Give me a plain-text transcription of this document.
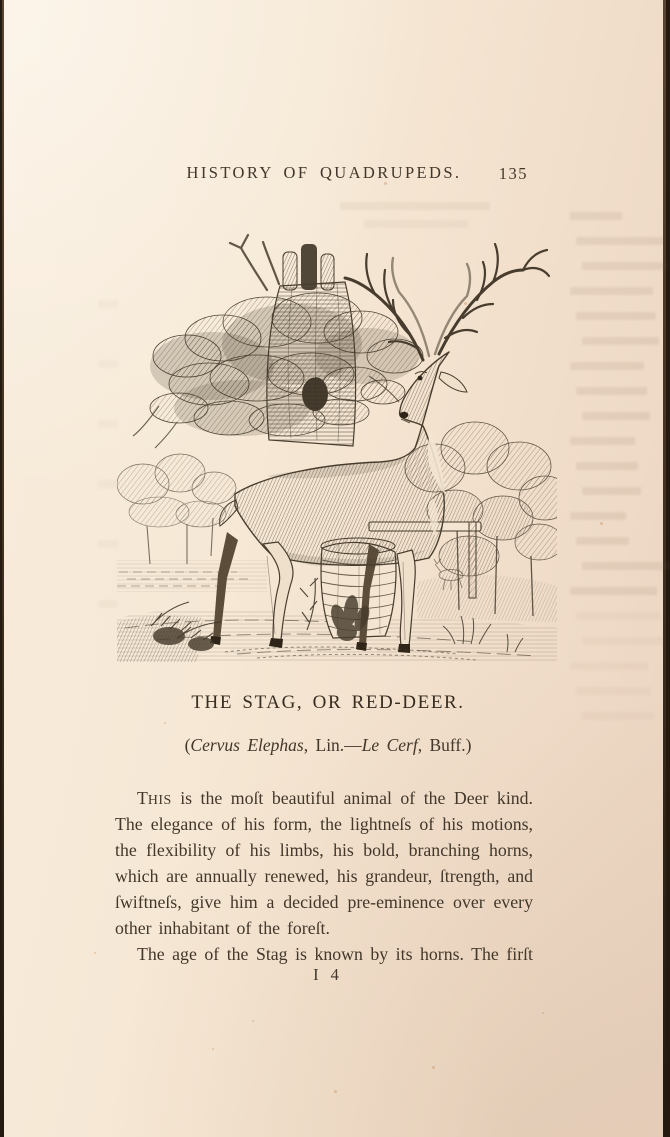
HISTORY OF QUADRUPEDS.	135
THE STAG, OR RED-DEER.
(Cervus Elephas, Lin.—Le Cerf, Buff.)
THIS is the moſt beautiful animal of the Deer kind.
The elegance of his form, the lightneſs of his motions,
the flexibility of his limbs, his bold, branching horns,
which are annually renewed, his grandeur, ſtrength, and
ſwiftneſs, give him a decided pre-eminence over every
other inhabitant of the foreſt.
The age of the Stag is known by its horns. The firſt
I 4
